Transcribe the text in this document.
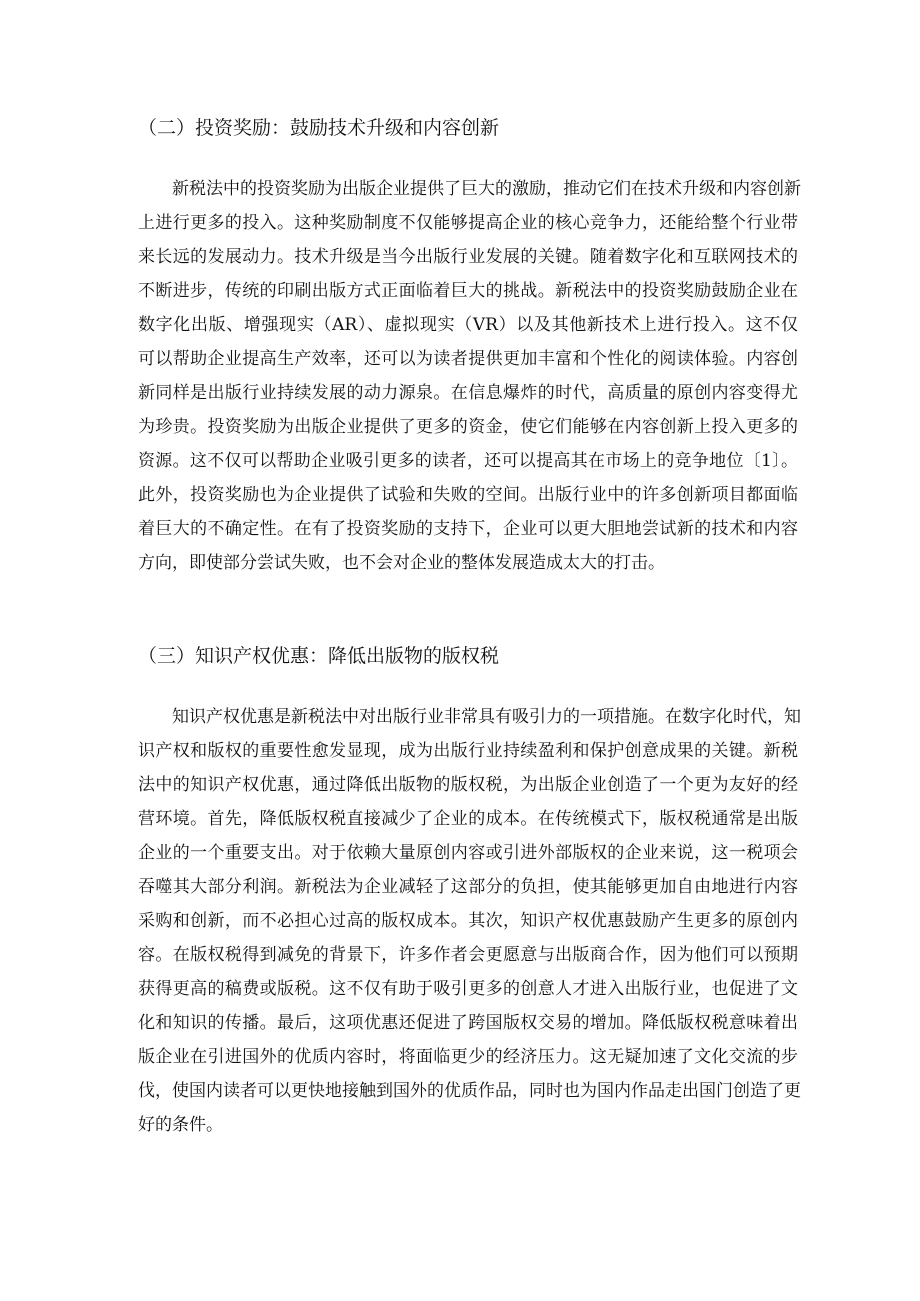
（二）投资奖励：鼓励技术升级和内容创新
新税法中的投资奖励为出版企业提供了巨大的激励，推动它们在技术升级和内容创新
上进行更多的投入。这种奖励制度不仅能够提高企业的核心竞争力，还能给整个行业带
来长远的发展动力。技术升级是当今出版行业发展的关键。随着数字化和互联网技术的
不断进步，传统的印刷出版方式正面临着巨大的挑战。新税法中的投资奖励鼓励企业在
数字化出版、增强现实（AR）、虚拟现实（VR）以及其他新技术上进行投入。这不仅
可以帮助企业提高生产效率，还可以为读者提供更加丰富和个性化的阅读体验。内容创
新同样是出版行业持续发展的动力源泉。在信息爆炸的时代，高质量的原创内容变得尤
为珍贵。投资奖励为出版企业提供了更多的资金，使它们能够在内容创新上投入更多的
资源。这不仅可以帮助企业吸引更多的读者，还可以提高其在市场上的竞争地位〔1〕。
此外，投资奖励也为企业提供了试验和失败的空间。出版行业中的许多创新项目都面临
着巨大的不确定性。在有了投资奖励的支持下，企业可以更大胆地尝试新的技术和内容
方向，即使部分尝试失败，也不会对企业的整体发展造成太大的打击。
（三）知识产权优惠：降低出版物的版权税
知识产权优惠是新税法中对出版行业非常具有吸引力的一项措施。在数字化时代，知
识产权和版权的重要性愈发显现，成为出版行业持续盈利和保护创意成果的关键。新税
法中的知识产权优惠，通过降低出版物的版权税，为出版企业创造了一个更为友好的经
营环境。首先，降低版权税直接减少了企业的成本。在传统模式下，版权税通常是出版
企业的一个重要支出。对于依赖大量原创内容或引进外部版权的企业来说，这一税项会
吞噬其大部分利润。新税法为企业减轻了这部分的负担，使其能够更加自由地进行内容
采购和创新，而不必担心过高的版权成本。其次，知识产权优惠鼓励产生更多的原创内
容。在版权税得到减免的背景下，许多作者会更愿意与出版商合作，因为他们可以预期
获得更高的稿费或版税。这不仅有助于吸引更多的创意人才进入出版行业，也促进了文
化和知识的传播。最后，这项优惠还促进了跨国版权交易的增加。降低版权税意味着出
版企业在引进国外的优质内容时，将面临更少的经济压力。这无疑加速了文化交流的步
伐，使国内读者可以更快地接触到国外的优质作品，同时也为国内作品走出国门创造了更
好的条件。
